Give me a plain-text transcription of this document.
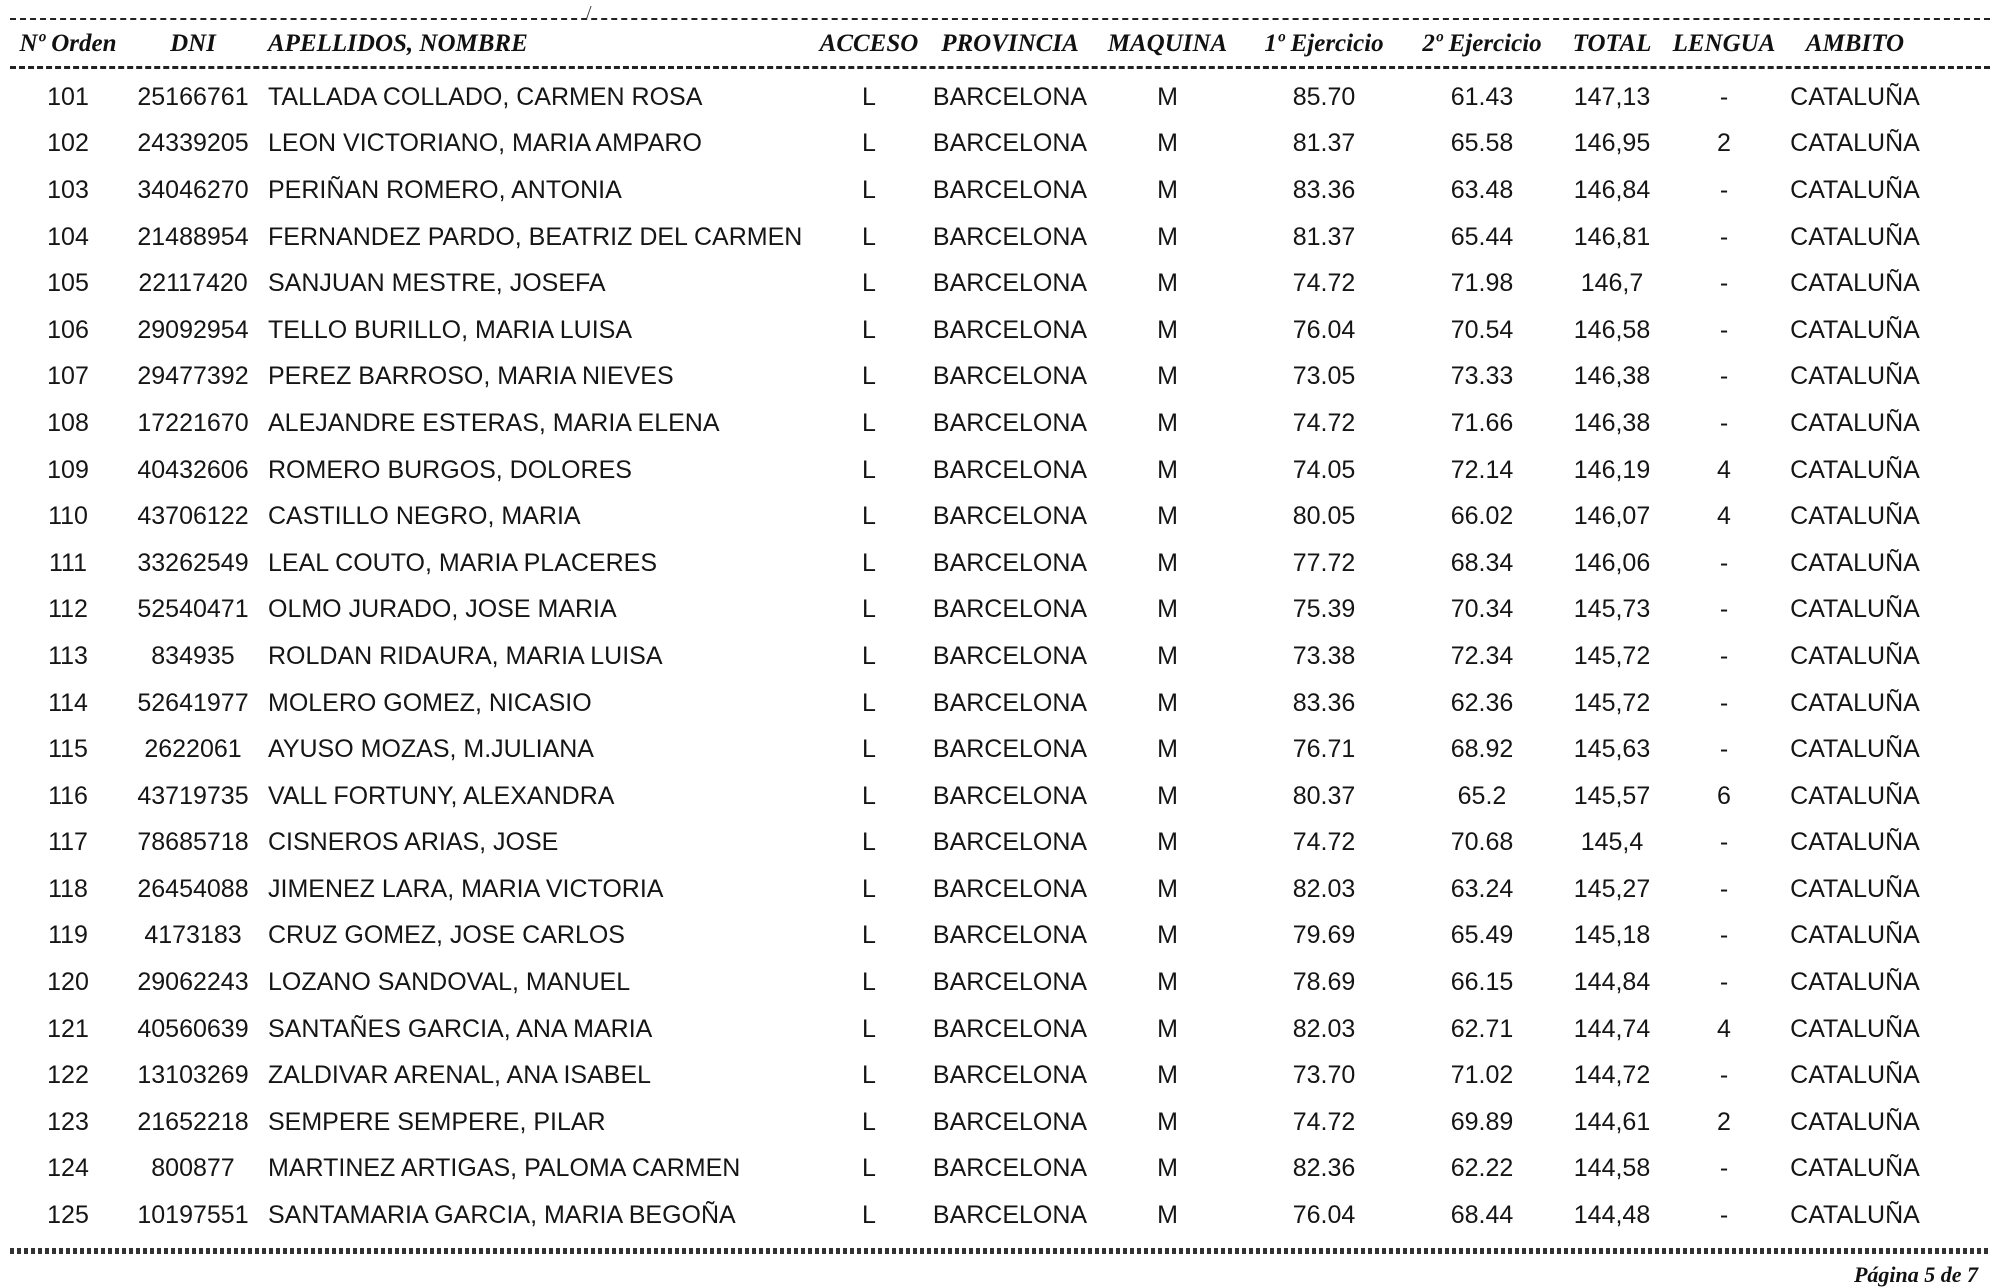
/
Nº Orden	DNI	APELLIDOS, NOMBRE	ACCESO	PROVINCIA	MAQUINA	1º Ejercicio	2º Ejercicio	TOTAL	LENGUA	AMBITO
101	25166761	TALLADA COLLADO, CARMEN ROSA	L	BARCELONA	M	85.70	61.43	147,13	-	CATALUÑA
102	24339205	LEON VICTORIANO, MARIA AMPARO	L	BARCELONA	M	81.37	65.58	146,95	2	CATALUÑA
103	34046270	PERIÑAN ROMERO, ANTONIA	L	BARCELONA	M	83.36	63.48	146,84	-	CATALUÑA
104	21488954	FERNANDEZ PARDO, BEATRIZ DEL CARMEN	L	BARCELONA	M	81.37	65.44	146,81	-	CATALUÑA
105	22117420	SANJUAN MESTRE, JOSEFA	L	BARCELONA	M	74.72	71.98	146,7	-	CATALUÑA
106	29092954	TELLO BURILLO, MARIA LUISA	L	BARCELONA	M	76.04	70.54	146,58	-	CATALUÑA
107	29477392	PEREZ BARROSO, MARIA NIEVES	L	BARCELONA	M	73.05	73.33	146,38	-	CATALUÑA
108	17221670	ALEJANDRE ESTERAS, MARIA ELENA	L	BARCELONA	M	74.72	71.66	146,38	-	CATALUÑA
109	40432606	ROMERO BURGOS, DOLORES	L	BARCELONA	M	74.05	72.14	146,19	4	CATALUÑA
110	43706122	CASTILLO NEGRO, MARIA	L	BARCELONA	M	80.05	66.02	146,07	4	CATALUÑA
111	33262549	LEAL COUTO, MARIA PLACERES	L	BARCELONA	M	77.72	68.34	146,06	-	CATALUÑA
112	52540471	OLMO JURADO, JOSE MARIA	L	BARCELONA	M	75.39	70.34	145,73	-	CATALUÑA
113	834935	ROLDAN RIDAURA, MARIA LUISA	L	BARCELONA	M	73.38	72.34	145,72	-	CATALUÑA
114	52641977	MOLERO GOMEZ, NICASIO	L	BARCELONA	M	83.36	62.36	145,72	-	CATALUÑA
115	2622061	AYUSO MOZAS, M.JULIANA	L	BARCELONA	M	76.71	68.92	145,63	-	CATALUÑA
116	43719735	VALL FORTUNY, ALEXANDRA	L	BARCELONA	M	80.37	65.2	145,57	6	CATALUÑA
117	78685718	CISNEROS ARIAS, JOSE	L	BARCELONA	M	74.72	70.68	145,4	-	CATALUÑA
118	26454088	JIMENEZ LARA, MARIA VICTORIA	L	BARCELONA	M	82.03	63.24	145,27	-	CATALUÑA
119	4173183	CRUZ GOMEZ, JOSE CARLOS	L	BARCELONA	M	79.69	65.49	145,18	-	CATALUÑA
120	29062243	LOZANO SANDOVAL, MANUEL	L	BARCELONA	M	78.69	66.15	144,84	-	CATALUÑA
121	40560639	SANTAÑES GARCIA, ANA MARIA	L	BARCELONA	M	82.03	62.71	144,74	4	CATALUÑA
122	13103269	ZALDIVAR ARENAL, ANA ISABEL	L	BARCELONA	M	73.70	71.02	144,72	-	CATALUÑA
123	21652218	SEMPERE SEMPERE, PILAR	L	BARCELONA	M	74.72	69.89	144,61	2	CATALUÑA
124	800877	MARTINEZ ARTIGAS, PALOMA CARMEN	L	BARCELONA	M	82.36	62.22	144,58	-	CATALUÑA
125	10197551	SANTAMARIA GARCIA, MARIA BEGOÑA	L	BARCELONA	M	76.04	68.44	144,48	-	CATALUÑA
Página 5 de 7
